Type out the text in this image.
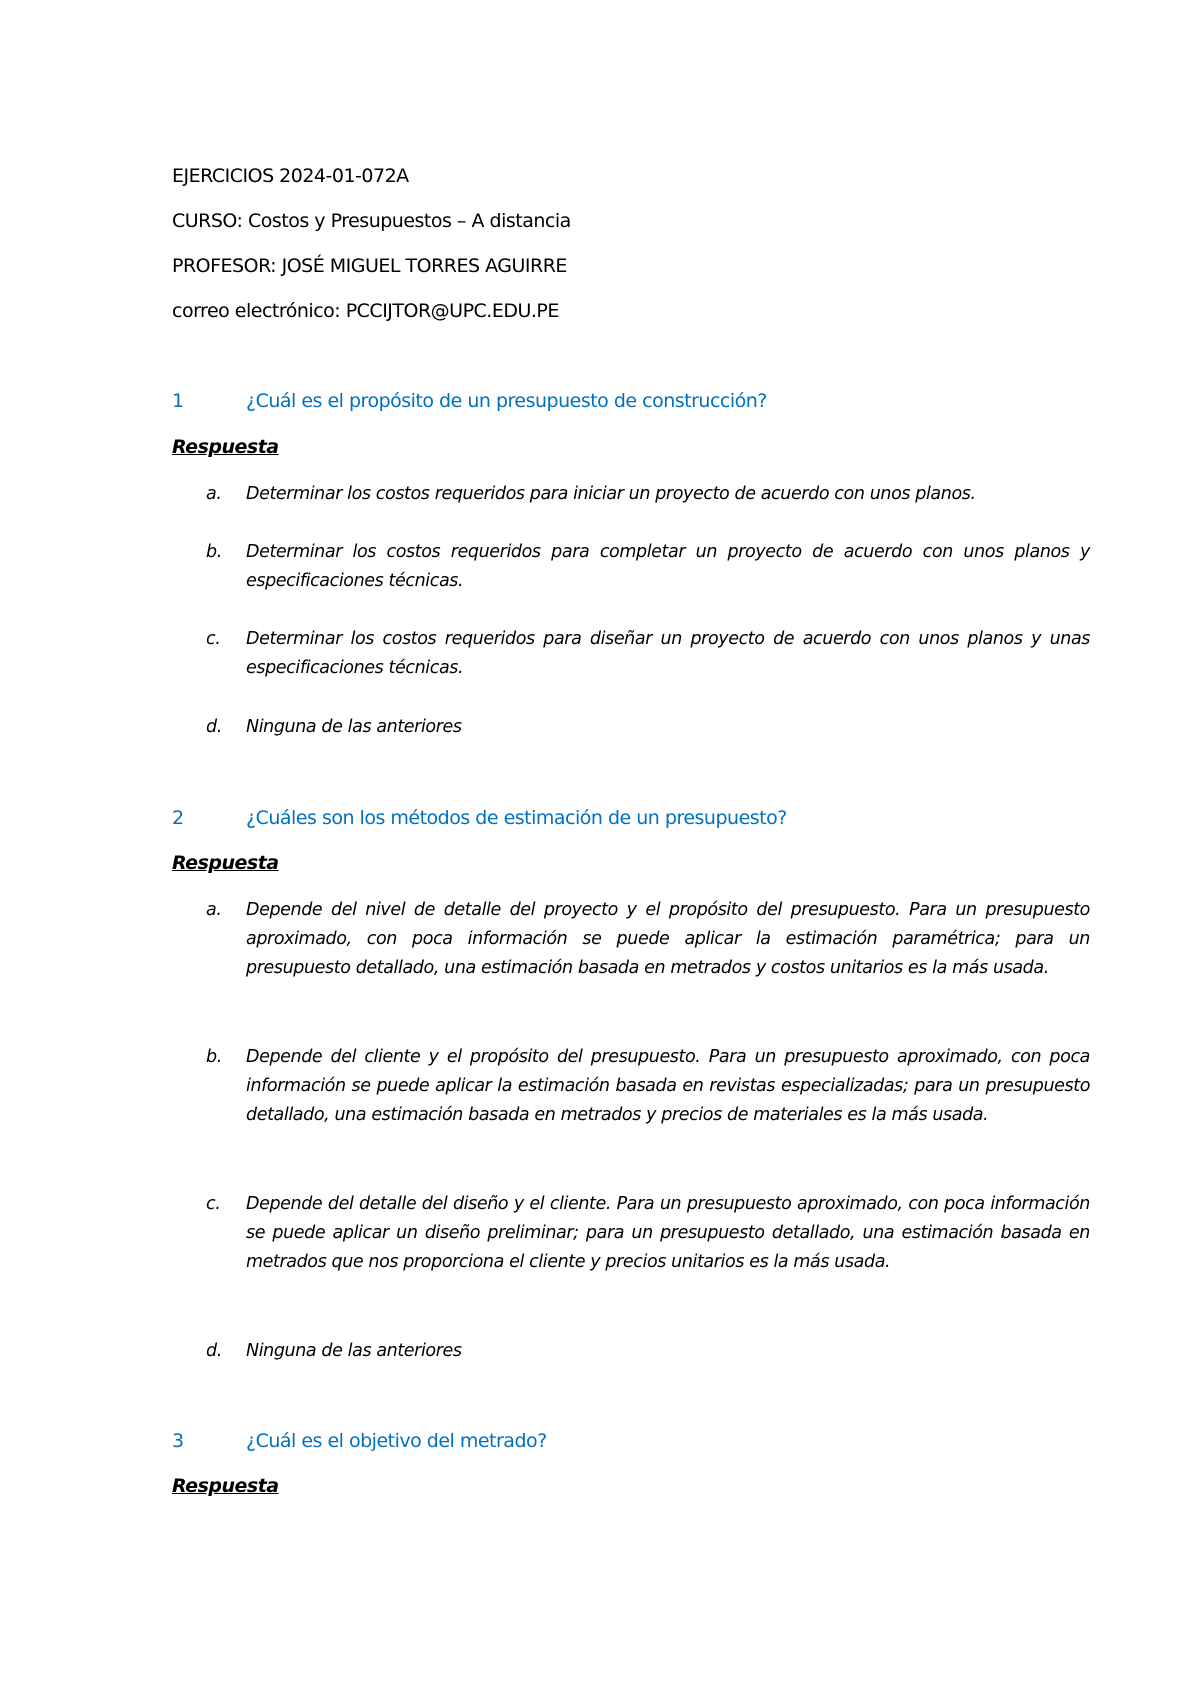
EJERCICIOS 2024-01-072A
CURSO: Costos y Presupuestos – A distancia
PROFESOR: JOSÉ MIGUEL TORRES AGUIRRE
correo electrónico: PCCIJTOR@UPC.EDU.PE
1	¿Cuál es el propósito de un presupuesto de construcción?
Respuesta
a. Determinar los costos requeridos para iniciar un proyecto de acuerdo con unos planos.
b. Determinar los costos requeridos para completar un proyecto de acuerdo con unos planos y especificaciones técnicas.
c. Determinar los costos requeridos para diseñar un proyecto de acuerdo con unos planos y unas especificaciones técnicas.
d. Ninguna de las anteriores
2	¿Cuáles son los métodos de estimación de un presupuesto?
Respuesta
a. Depende del nivel de detalle del proyecto y el propósito del presupuesto. Para un presupuesto aproximado, con poca información se puede aplicar la estimación paramétrica; para un presupuesto detallado, una estimación basada en metrados y costos unitarios es la más usada.
b. Depende del cliente y el propósito del presupuesto. Para un presupuesto aproximado, con poca información se puede aplicar la estimación basada en revistas especializadas; para un presupuesto detallado, una estimación basada en metrados y precios de materiales es la más usada.
c. Depende del detalle del diseño y el cliente. Para un presupuesto aproximado, con poca información se puede aplicar un diseño preliminar; para un presupuesto detallado, una estimación basada en metrados que nos proporciona el cliente y precios unitarios es la más usada.
d. Ninguna de las anteriores
3	¿Cuál es el objetivo del metrado?
Respuesta
